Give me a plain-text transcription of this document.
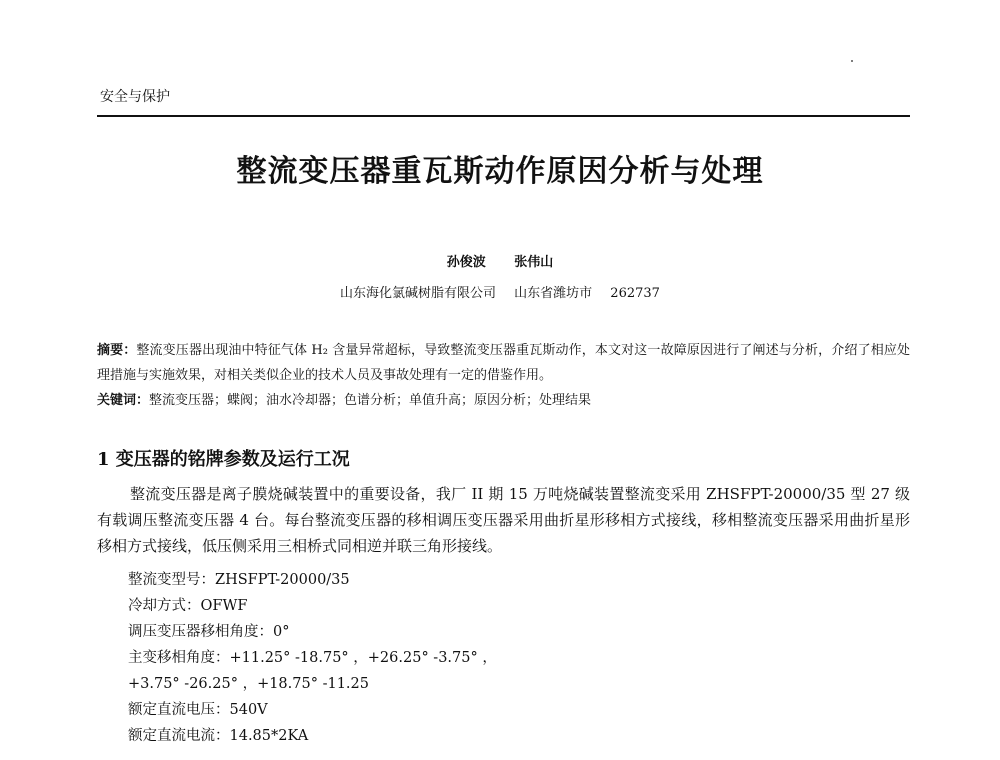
安全与保护
整流变压器重瓦斯动作原因分析与处理
孙俊波 张伟山
山东海化氯碱树脂有限公司 山东省潍坊市 262737
摘要：整流变压器出现油中特征气体 H₂ 含量异常超标，导致整流变压器重瓦斯动作，本文对这一故障原因进行了阐述与分析，介绍了相应处理措施与实施效果，对相关类似企业的技术人员及事故处理有一定的借鉴作用。
关键词：整流变压器；蝶阀；油水冷却器；色谱分析；单值升高；原因分析；处理结果
1 变压器的铭牌参数及运行工况
整流变压器是离子膜烧碱装置中的重要设备，我厂 II 期 15 万吨烧碱装置整流变采用 ZHSFPT-20000/35 型 27 级有载调压整流变压器 4 台。每台整流变压器的移相调压变压器采用曲折星形移相方式接线，移相整流变压器采用曲折星形移相方式接线，低压侧采用三相桥式同相逆并联三角形接线。
整流变型号：ZHSFPT-20000/35
冷却方式：OFWF
调压变压器移相角度：0°
主变移相角度：+11.25° -18.75° ，+26.25° -3.75° ，
+3.75° -26.25° ，+18.75° -11.25
额定直流电压：540V
额定直流电流：14.85*2KA
